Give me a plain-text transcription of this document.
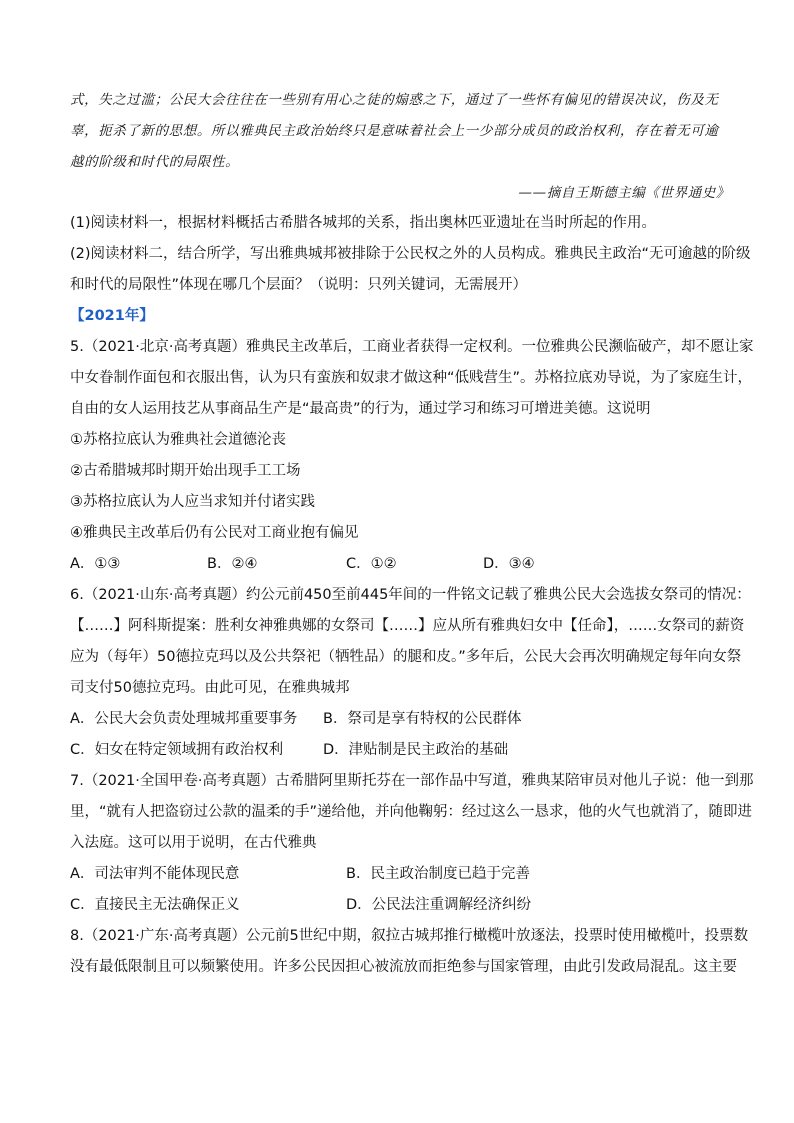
式，失之过滥；公民大会往往在一些别有用心之徒的煽惑之下，通过了一些怀有偏见的错误决议，伤及无
辜，扼杀了新的思想。所以雅典民主政治始终只是意味着社会上一少部分成员的政治权利，存在着无可逾
越的阶级和时代的局限性。
——摘自王斯德主编《世界通史》
(1)阅读材料一，根据材料概括古希腊各城邦的关系，指出奥林匹亚遗址在当时所起的作用。
(2)阅读材料二，结合所学，写出雅典城邦被排除于公民权之外的人员构成。雅典民主政治“无可逾越的阶级
和时代的局限性”体现在哪几个层面？（说明：只列关键词，无需展开）
【2021年】
5.（2021·北京·高考真题）雅典民主改革后，工商业者获得一定权利。一位雅典公民濒临破产，却不愿让家
中女眷制作面包和衣服出售，认为只有蛮族和奴隶才做这种“低贱营生”。苏格拉底劝导说，为了家庭生计，
自由的女人运用技艺从事商品生产是“最高贵”的行为，通过学习和练习可增进美德。这说明
①苏格拉底认为雅典社会道德沦丧
②古希腊城邦时期开始出现手工工场
③苏格拉底认为人应当求知并付诸实践
④雅典民主改革后仍有公民对工商业抱有偏见
A．①③	B．②④	C．①②	D．③④
6.（2021·山东·高考真题）约公元前450至前445年间的一件铭文记载了雅典公民大会选拔女祭司的情况：
【……】阿科斯提案：胜利女神雅典娜的女祭司【……】应从所有雅典妇女中【任命】，……女祭司的薪资
应为（每年）50德拉克玛以及公共祭祀（牺牲品）的腿和皮。”多年后，公民大会再次明确规定每年向女祭
司支付50德拉克玛。由此可见，在雅典城邦
A．公民大会负责处理城邦重要事务	B．祭司是享有特权的公民群体
C．妇女在特定领域拥有政治权利	D．津贴制是民主政治的基础
7.（2021·全国甲卷·高考真题）古希腊阿里斯托芬在一部作品中写道，雅典某陪审员对他儿子说：他一到那
里，“就有人把盗窃过公款的温柔的手”递给他，并向他鞠躬：经过这么一恳求，他的火气也就消了，随即进
入法庭。这可以用于说明，在古代雅典
A．司法审判不能体现民意	B．民主政治制度已趋于完善
C．直接民主无法确保正义	D．公民法注重调解经济纠纷
8.（2021·广东·高考真题）公元前5世纪中期，叙拉古城邦推行橄榄叶放逐法，投票时使用橄榄叶，投票数
没有最低限制且可以频繁使用。许多公民因担心被流放而拒绝参与国家管理，由此引发政局混乱。这主要
